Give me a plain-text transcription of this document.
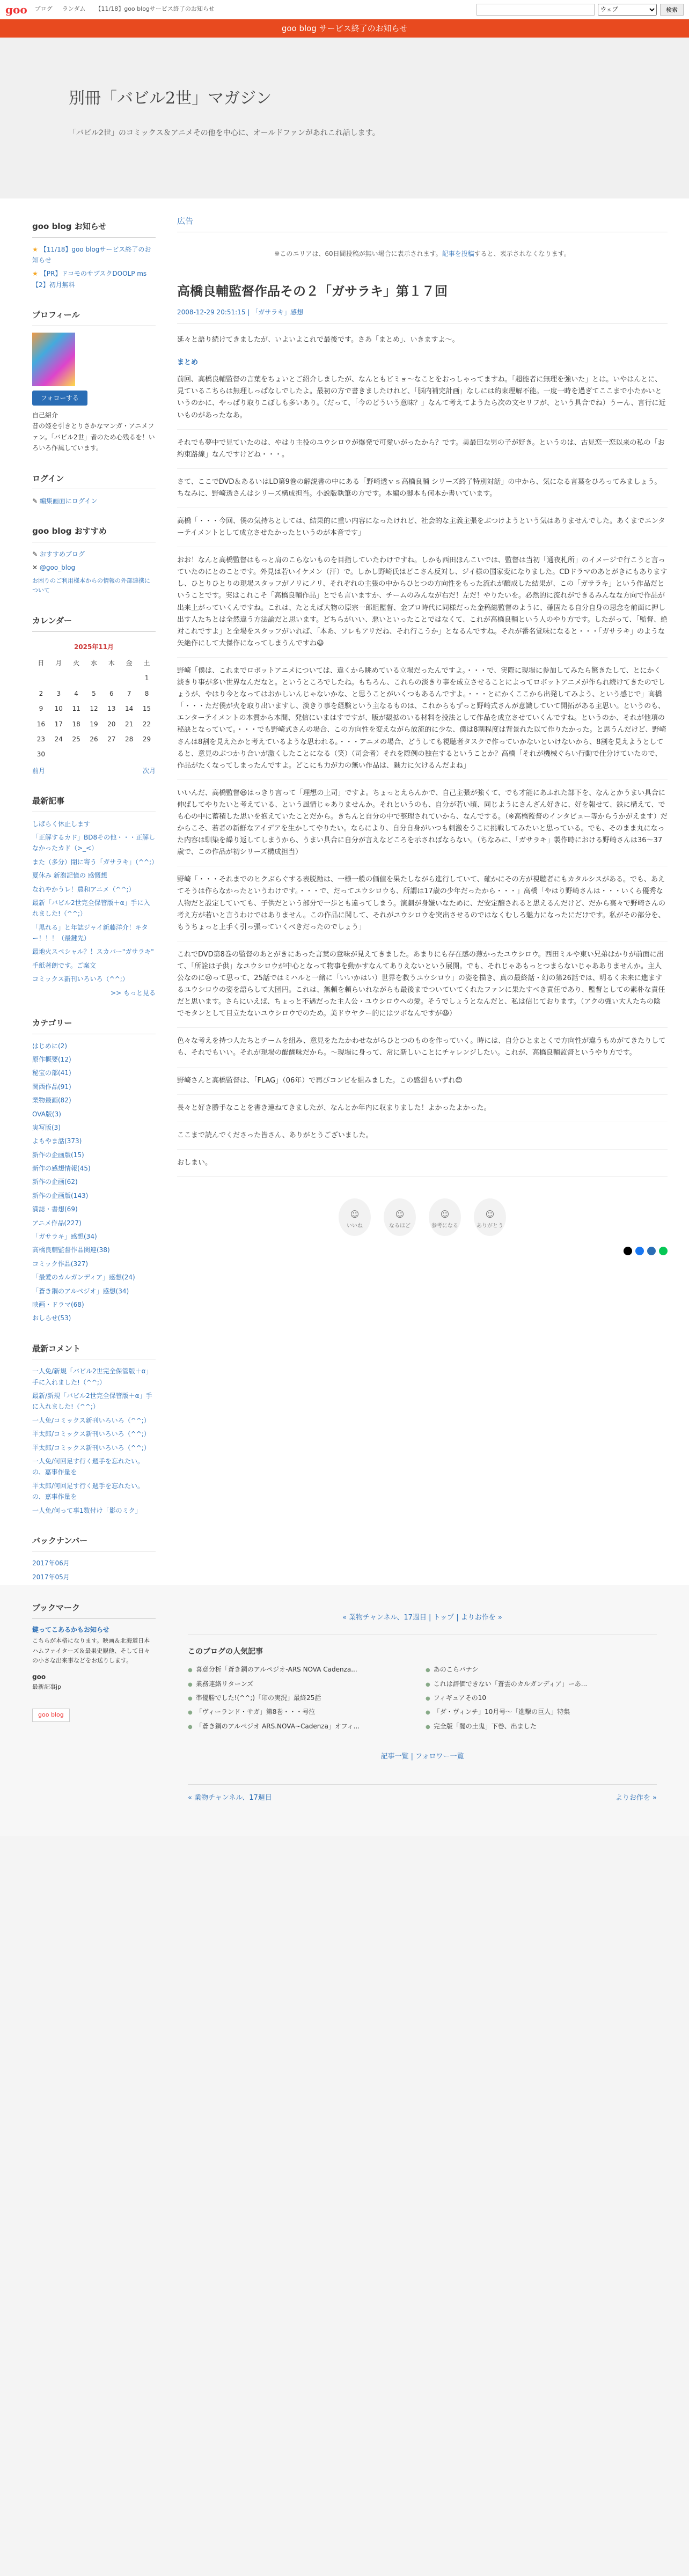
goo ブログ ランダム 【11/18】goo blogサービス終了のお知らせ
ウェブ	検索
goo blog サービス終了のお知らせ
別冊「バビル2世」マガジン

「バビル2世」のコミックス＆アニメその他を中心に、オールドファンがあれこれ話します。

goo blog お知らせ
★ 【11/18】goo blogサービス終了のお知らせ
★ 【PR】ドコモのサブスクDOOLP ms【2】初月無料
プロフィール
フォローする

自己紹介

昔の姫を引きとりさかなマンガ・アニメファン。「バビル2世」者のため心残るを！いろいろ作風しています。

ログイン
✎ 編集画面にログイン
goo blog おすすめ
✎ おすすめブログ
✕ @goo_blog

お困りのご利用様本からの情報の外部連携について

カレンダー
2025年11月
日	月	火	水	木	金	土
						1
2	3	4	5	6	7	8
9	10	11	12	13	14	15
16	17	18	19	20	21	22
23	24	25	26	27	28	29
30						
前月	次月
最新記事
しばらく休止します
「正解するカド」BD8その他・・・正解しなかったカド（>_<）
また（多分）閉に寄う「ガサラキ」（^^;）
夏休み 新潟記憶の 感慨想
なれやかうレ！農和アニメ（^^;）
最新「バビル2世完全保管版＋α」手に入れました!（^^;）
「黒れる」と年誌ジャイ新藤洋介！キター！！！（最鍵先）
最地火スペシャル？！スカパー"ガサラキ"
手紙著朗です。ご案文
コミックス新刊いろいろ（^^;）

>> もっと見る

カテゴリー
はじめに(2)
原作概要(12)
秘宝の部(41)
関西作品(91)
業物最画(82)
OVA版(3)
実写版(3)
よもやま話(373)
新作の企画版(15)
新作の感想情報(45)
新作の企画(62)
新作の企画版(143)
満誌・書想(69)
アニメ作品(227)
「ガサラキ」感想(34)
高橋良輔監督作品関連(38)
コミック作品(327)
「最愛のカルガンディア」感想(24)
「蒼き鋼のアルペジオ」感想(34)
映画・ドラマ(68)
おしらせ(53)
最新コメント
一人免/新規「バビル2世完全保管版＋α」手に入れました!（^^;）
最新/新規「バビル2世完全保管版＋α」手に入れました!（^^;）
一人免/コミックス新刊いろいろ（^^;）
平太郎/コミックス新刊いろいろ（^^;）
平太郎/コミックス新刊いろいろ（^^;）
一人免/何回足す行く週手を忘れたい。の、嘉事作量を
平太郎/何回足す行く週手を忘れたい。の、嘉事作量を
一人免/何って事1数付け「影のミク」
バックナンバー
2017年06月
2017年05月
広告
※このエリアは、60日間投稿が無い場合に表示されます。記事を投稿すると、表示されなくなります。
高橋良輔監督作品その２「ガサラキ」第１７回
2008-12-29 20:51:15 | 「ガサラキ」感想

延々と語り続けてきましたが、いよいよこれで最後です。さあ「まとめ」、いきますよ～。

まとめ

前回、高橋良輔監督の言葉をちょいとご紹介しましたが、なんともビミョ～なことをおっしゃってますね。「超能者に無理を強いた」とは。いやはんとに、見ているこちらは無理しっぱなしでしたよ。最初の方で書きましたけれど、「脳内補完計画」なしには約束理解不能。一度一時を過ぎてここまで小たかいというのかに、やっぱり取りこぼしも多いあり。（だって、「今のどういう意味？」なんて考えてようたら次の文セリフが、という具合でね）うーん、言行に近いものがあったなあ。

それでも夢中で見ていたのは、やはり主役のユウシロウが爆発で可愛いがったから？です。美最田な男の子が好き。というのは、古見恋一恋以来の私の「お約束路線」なんですけどね・・・。

さて、ここでDVD＆あるいはLD第9巻の解説書の中にある「野崎透ｖｓ高橋良輔 シリーズ終了特別対話」の中から、気になる言葉をひろってみましょう。ちなみに、野崎透さんはシリーズ構成担当。小説版執筆の方です。本編の脚本も何本か書いています。

高橋「・・・今回、僕の気持ちとしては、結果的に重い内容になったけれど、社会的な主義主張をぶつけようという気はありませんでした。あくまでエンターテイメントとして成立させたかったというのが本音です」

おお！なんと高橋監督はもっと肩のこらないものを目指していたわけですね。しかも西田ほんこいでは、監督は当初「通夜札所」のイメージで行こうと言っていたのにとのことです。外見は若いイケメン（汗）で。しかし野崎氏はどこさん反対し、ジイ様の国家変になりました。CDドラマのあとがきにもありますし、ひとりひとりの現場スタッフがノリにノリ、それぞれの主張の中からひとつの方向性をもった流れが醸成した結果が、この「ガサラキ」という作品だということです。実はこれこそ「高橋良輔作品」とでも言いますか、チームのみんなが右だ！左だ！やりたいを。必然的に流れができるみんなな方向で作品が出来上がっていくんですね。これは、たとえば大物の原宗一郎組監督、金ブロ時代に同様だった金稿総監督のように、確固たる自分自身の思念を前面に押し出す人たちとは全然違う方法論だと思います。どちらがいい、悪いといったことではなくて、これが高橋良輔という人のやり方です。したがって、「監督、絶対これですよ」と全場をスタッフがいれば、「本あ、ソレもアリだね、それ行こうか」となるんですね。それが番名覚味になると・・・「ガサラキ」のような矢絶作にして大傑作になってしまうんですね😃

野崎「僕は、これまでロボットアニメについては、違くから眺めている立場だったんですよ。・・・で、実際に現場に参加してみたら驚きたして、とにかく淡きり事が多い世界なんだなと。というところでしたね。もちろん、これらの淡きり事を成立させることによってロボットアニメが作られ続けてきたのでしょうが、やはり今となってはおかしいんじゃないかな、と思うことがいくつもあるんですよ。・・・とにかくここから出発してみよう、という感じで」高橋「・・・ただ僕が火を取り出いますし、淡きり事を経験という主なるものは、これからもずっと野崎式さんが意識していて開拓がある主思い。というのも、エンターテイメントの本質から本間、発信にいまはすですが、版が観拡のいる材料を投法として作品を成立させていくんですね。というのか、それが他項の秘訣となっていて。・・・でも野崎式さんの場合、この方向性を変えながら放流的に少な、僕は8割程度は背景れた以て作りたかった。と思うんだけど、野崎さんは8割を見えたかと考えているような思われる。・・・アニメの場合、どうしても視聴者タスクで作っていかないといけないから、8割を見えようとしてると、意見のぶつかり合いが激くしたことになる（笑）（司会者）それを際例の独在するということか？高橋「それが機械ぐらい行動で仕分けていたので、作品がたくなってしまったんですよ。どこにも力が力の無い作品は、魅力に欠けるんだよね」

いいんだ、高橋監督😆はっきり言って「理想の上司」ですよ。ちょっとえらんかで、自己主張が強くて、でも才能にあふれた部下を、なんとかうまい具合に伸ばしてやりたいと考えている、という風情じゃありませんか。それというのも、自分が若い頃、同じようにさんざん好きに、好を報せて、鉄に構えて、でも心の中に蓄積した思いを抱えていたことだから。きちんと自分の中で整理されていから、なんでする。（※高橋監督のインタビュー等からうかがえます）だからこそ、若者の新鮮なアイデアを生かしてやりたい。ならにより、自分自身がいつも刺激をうこに挑戦してみたいと思っている。でも、そのまま丸になった内容は馴染を繰り返してしまうから、うまい具合に自分が言えなどころを示さればならない。（ちなみに、「ガサラキ」製作時における野崎さんは36～37歳で、この作品が初シリーズ構成担当）

野崎「・・・それまでのヒクぶらぐする表脱勧は、一様一般の価値を果たしながら進行していて、確かにその方が視聴者にもカタルシスがある。でも、あえてそうは作らなかったというわけです。・・・で、だってユウシロウも、所謂は17歳の少年だったから・・・」高橋「やはり野崎さんは・・・いくら優秀な人物だと設定していても、子供だという部分で一歩とも違ってしまう。演劇が身嫌いなために、だ安定醸されると思えるんだけど、だから裏々で野崎さんの考え方が若いと言うわけではありません。この作品に関して、それがユウシロウを突出させるのではなくむしろ魅力になったにだけです。私がその部分を、もうちょっと上手く引っ張っていくべきだったのでしょう」

これでDVD第8巻の監督のあとがきにあった言葉の意味が見えてきました。あまりにも存在感の薄かったユウシロウ。西田ミルや東い兄弟はかりが前面に出て、「所詮は子供」なユウシロウが中心となって物事を動かすなんてありえないという展開。でも、それじゃあもっとつまらないじゃあありませんか。主人公なのに😢って思って、25話ではミハルと一緒に「いいかはい）世界を救うユウシロウ」の姿を描き、真の最終話・幻の第26話では、明るく未来に進まするユウシロウの姿を語らして大団円。これは、無頼を頼らいれながらも最後までついていてくれたファンに果たすべき責任であり、監督としての素朴な責任だと思います。さらにいえば、ちょっと不遇だった主人公・ユウシロウへの愛。そうでしょうとなんだと、私は信じております。（アクの強い大人たちの陰でモタンとして目立たないユウシロウでのため。美ドウヤクー的にはツボなんですが😆）

色々な考えを持つ人たちとチームを組み、意見をたたかわせながらひとつのものを作っていく。時には、自分ひとまとくで方向性が違うもめがてきたりしても、それでもいい。それが現場の醍醐味だから。～現場に身って、常に新しいことにチャレンジしたい。これが、高橋良輔監督というやり方です。

野崎さんと高橋監督は、「FLAG」（06年）で再びコンビを組みました。この感想もいずれ😊

長々と好き勝手なことを書き連ねてきましたが、なんとか年内に収まりました！よかったよかった。

ここまで読んでくださった皆さん、ありがとうございました。

おしまい。

☺
いいね
☺
なるほど
☺
参考になる
☺
ありがとう
ブックマーク
鍵ってこあるかもお知らせ

こちらが本格になります。映画＆北海道日本ハムファイターズ＆最果史観他、そして日々の小さな出来事などをお送りします。

goo

最新記事jp

goo blog
« 業物チャンネル、17週目 | トップ | よりお作を »
このブログの人気記事
● 喜意分析「蒼き鋼のアルペジオ-ARS NOVA Cadenza...
● 業務連絡リターンズ
● 準優勝でした!(^^;)「印の実況」最終25話
● 「ヴィーランド・サガ」第8巻・・・号泣
● 「蒼き鋼のアルペジオ ARS.NOVA~Cadenza」オフィ...
● あのこらバナシ
● これは評価できない「蒼雲のカルガンディア」ーあ...
● フィギュアその10
● 「ダ・ヴィンチ」10月号～「進撃の巨人」特集
● 完全版「闇の土鬼」下巻、出ました
記事一覧 | フォロワー一覧
« 業物チャンネル、17週目	よりお作を »
